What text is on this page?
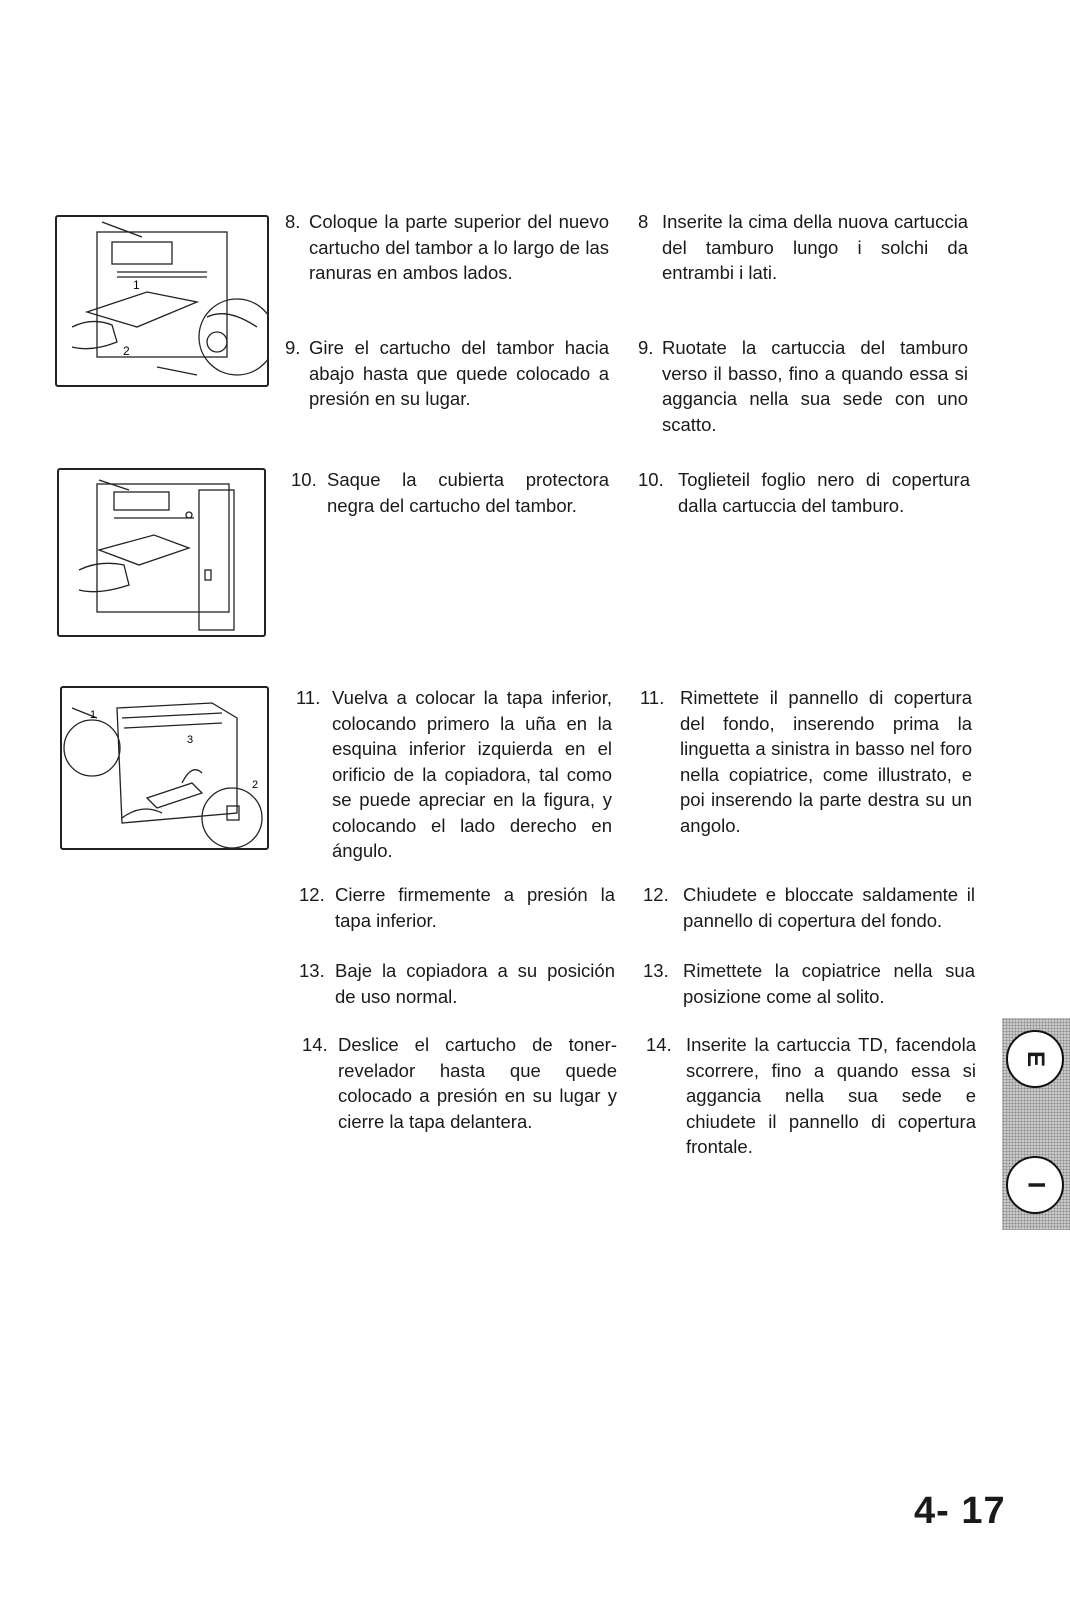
1
2
1
3
2
8. Coloque la parte superior del nuevo cartucho del tambor a lo largo de las ranuras en ambos lados.
9. Gire el cartucho del tambor hacia abajo hasta que quede colocado a presión en su lugar.
10. Saque la cubierta protectora negra del cartucho del tambor.
11. Vuelva a colocar la tapa inferior, colocando primero la uña en la esquina inferior izquierda en el orificio de la copiadora, tal como se puede apreciar en la figura, y colocando el lado derecho en ángulo.
12. Cierre firmemente a presión la tapa inferior.
13. Baje la copiadora a su posición de uso normal.
14. Deslice el cartucho de toner-revelador hasta que quede colocado a presión en su lugar y cierre la tapa delantera.
8 Inserite la cima della nuova cartuccia del tamburo lungo i solchi da entrambi i lati.
9. Ruotate la cartuccia del tamburo verso il basso, fino a quando essa si aggancia nella sua sede con uno scatto.
10. Toglieteil foglio nero di copertura dalla cartuccia del tamburo.
11. Rimettete il pannello di copertura del fondo, inserendo prima la linguetta a sinistra in basso nel foro nella copiatrice, come illustrato, e poi inserendo la parte destra su un angolo.
12. Chiudete e bloccate saldamente il pannello di copertura del fondo.
13. Rimettete la copiatrice nella sua posizione come al solito.
14. Inserite la cartuccia TD, facendola scorrere, fino a quando essa si aggancia nella sua sede e chiudete il pannello di copertura frontale.
E
I
4- 17
